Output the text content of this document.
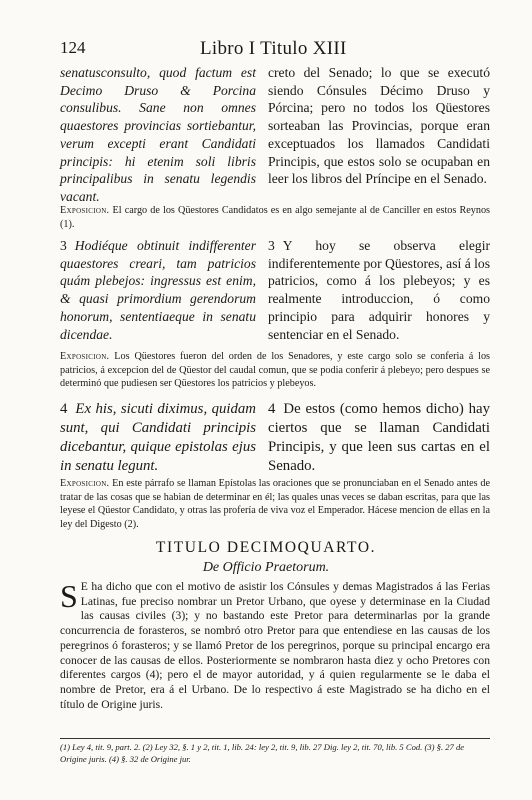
124	Libro I Titulo XIII

senatusconsulto, quod factum est Decimo Druso & Porcina consulibus. Sane non omnes quaestores provincias sortiebantur, verum excepti erant Candidati principis: hi etenim soli libris principalibus in senatu legendis vacant.

creto del Senado; lo que se executó siendo Cónsules Décimo Druso y Pórcina; pero no todos los Qüestores sorteaban las Provincias, porque eran exceptuados los llamados Candidati Principis, que estos solo se ocupaban en leer los libros del Príncipe en el Senado.

Exposicion. El cargo de los Qüestores Candidatos es en algo semejante al de Canciller en estos Reynos (1).

3 Hodiéque obtinuit indifferenter quaestores creari, tam patricios quám plebejos: ingressus est enim, & quasi primordium gerendorum honorum, sententiaeque in senatu dicendae.

3 Y hoy se observa elegir indiferentemente por Qüestores, así á los patricios, como á los plebeyos; y es realmente introduccion, ó como principio para adquirir honores y sentenciar en el Senado.

Exposicion. Los Qüestores fueron del orden de los Senadores, y este cargo solo se conferia á los patricios, á excepcion del de Qüestor del caudal comun, que se podia conferir á plebeyo; pero despues se determinó que pudiesen ser Qüestores los patricios y plebeyos.

4 Ex his, sicuti diximus, quidam sunt, qui Candidati principis dicebantur, quique epistolas ejus in senatu legunt.

4 De estos (como hemos dicho) hay ciertos que se llaman Candidati Principis, y que leen sus cartas en el Senado.

Exposicion. En este párrafo se llaman Epístolas las oraciones que se pronunciaban en el Senado antes de tratar de las cosas que se habian de determinar en él; las quales unas veces se daban escritas, para que las leyese el Qüestor Candidato, y otras las profería de viva voz el Emperador. Hácese mencion de ellas en la ley del Digesto (2).
TITULO DECIMOQUARTO.
De Officio Praetorum.
S E ha dicho que con el motivo de asistir los Cónsules y demas Magistrados á las Ferias Latinas, fue preciso nombrar un Pretor Urbano, que oyese y determinase en la Ciudad las causas civiles (3); y no bastando este Pretor para determinarlas por la grande concurrencia de forasteros, se nombró otro Pretor para que entendiese en las causas de los peregrinos ó forasteros; y se llamó Pretor de los peregrinos, porque su principal encargo era conocer de las causas de ellos. Posteriormente se nombraron hasta diez y ocho Pretores con diferentes cargos (4); pero el de mayor autoridad, y á quien regularmente se le daba el nombre de Pretor, era á el Urbano. De lo respectivo á este Magistrado se ha dicho en el título de Origine juris.
(1) Ley 4, tit. 9, part. 2. (2) Ley 32, §. 1 y 2, tit. 1, lib. 24: ley 2, tit. 9, lib. 27 Dig. ley 2, tit. 70, lib. 5 Cod. (3) §. 27 de Origine juris. (4) §. 32 de Origine jur.
